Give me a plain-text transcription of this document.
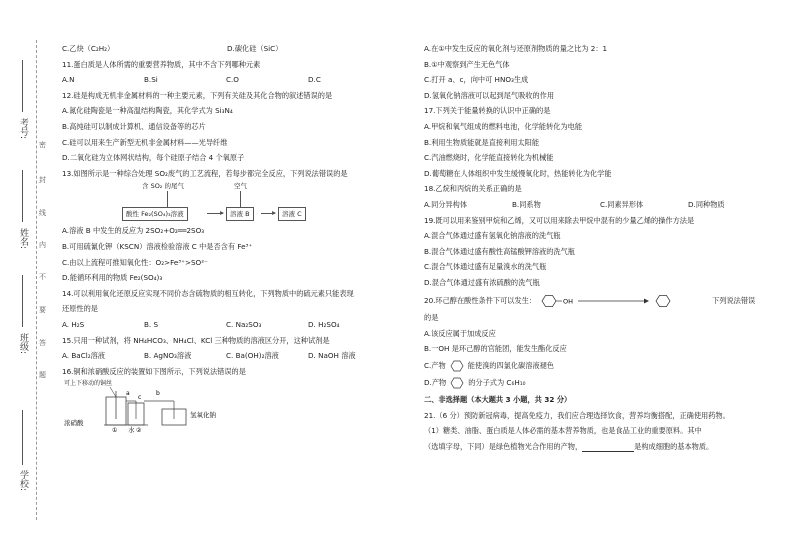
考号:
姓名:
班级:
学校:
密
封
线
内
不
要
答
题

C.乙炔（C₂H₂）	D.碳化硅（SiC）

11.蛋白质是人体所需的重要营养物质，其中不含下列哪种元素

A.N	B.Si	C.O	D.C

12.硅是构成无机非金属材料的一种主要元素，下列有关硅及其化合物的叙述错误的是

A.氮化硅陶瓷是一种高温结构陶瓷，其化学式为 Si₃N₄

B.高纯硅可以制成计算机、通信设备等的芯片

C.硅可以用来生产新型无机非金属材料——光导纤维

D.二氧化硅为立体网状结构，每个硅原子结合 4 个氧原子

13.如图所示是一种综合处理 SO₂废气的工艺流程，若每步都完全反应，下列说法错误的是

含 SO₂ 的尾气	空气
酸性 Fe₂(SO₄)₃溶液	溶液 B	溶液 C

A.溶液 B 中发生的反应为 2SO₂+O₂══2SO₃

B.可用硫氰化钾（KSCN）溶液检验溶液 C 中是否含有 Fe³⁺

C.由以上流程可推知氧化性：O₂>Fe³⁺>SO²⁻

D.能循环利用的物质 Fe₂(SO₄)₃

14.可以利用氧化还原反应实现不同价态含硫物质的相互转化，下列物质中的硫元素只能表现

还原性的是

A. H₂S	B. S	C. Na₂SO₃	D. H₂SO₄

15.只用一种试剂，将 NH₄HCO₃、NH₄Cl、KCl 三种物质的溶液区分开，这种试剂是

A. BaCl₂溶液	B. AgNO₃溶液	C. Ba(OH)₂溶液	D. NaOH 溶液

16.铜和浓硝酸反应的装置如下图所示，下列说法错误的是

可上下移动的铜丝
a	b
c
浓硝酸
① 水 ②
氢氧化钠

A.在①中发生反应的氧化剂与还原剂物质的量之比为 2：1

B.①中观察到产生无色气体

C.打开 a、c，向中可 HNO₃生成

D.氢氧化钠溶液可以起到尾气吸收的作用

17.下列关于能量转换的认识中正确的是

A.甲烷和氧气组成的燃料电池，化学能转化为电能

B.利用生物质能就是直接利用太阳能

C.汽油燃烧时，化学能直接转化为机械能

D.葡萄糖在人体组织中发生缓慢氧化时，热能转化为化学能

18.乙烷和丙烷的关系正确的是

A.同分异构体	B.同系物	C.同素异形体	D.同种物质

19.既可以用来鉴别甲烷和乙烯，又可以用来除去甲烷中混有的少量乙烯的操作方法是

A.混合气体通过盛有氢氧化钠溶液的洗气瓶

B.混合气体通过盛有酸性高锰酸钾溶液的洗气瓶

C.混合气体通过盛有足量溴水的洗气瓶

D.混合气体通过盛有浓硫酸的洗气瓶

20.环己醇在酸性条件下可以发生：	OH	下列说法错误

的是

A.该反应属于加成反应

B.一OH 是环己醇的官能团，能发生酯化反应

C.产物	能使溴的四氯化碳溶液褪色

D.产物	的分子式为 C₆H₁₀

二、非选择题（本大题共 3 小题，共 32 分）

21.（6 分）预防新冠病毒，提高免疫力，我们应合理选择饮食，营养均衡搭配，正确使用药物。

（1）糖类、油脂、蛋白质是人体必需的基本营养物质，也是食品工业的重要原料。其中

（选填字母，下同）是绿色植物光合作用的产物，	是构成细胞的基本物质。
